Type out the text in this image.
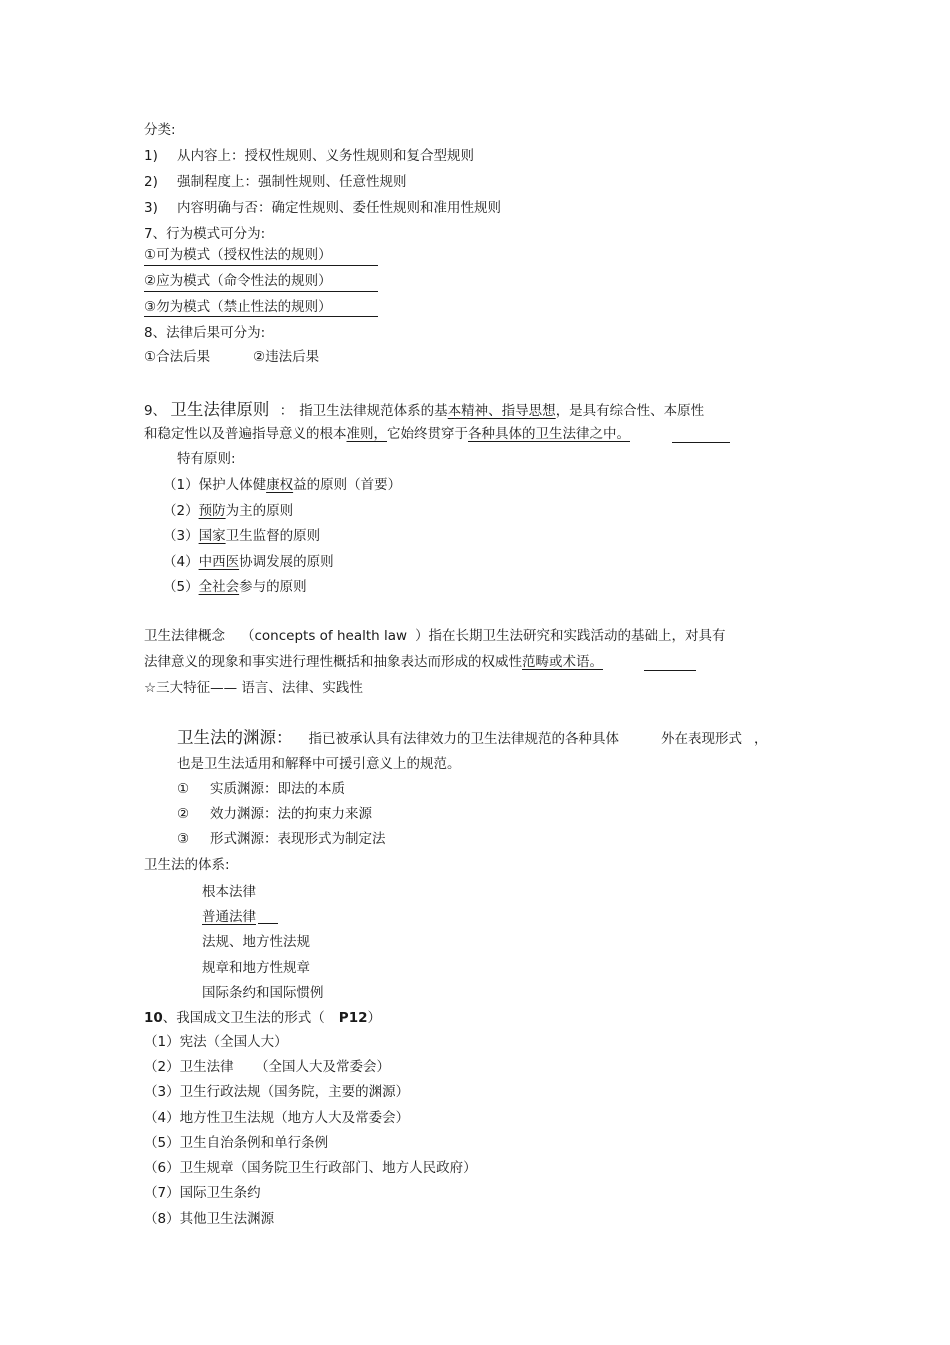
分类:
1) 从内容上：授权性规则、义务性规则和复合型规则
2) 强制程度上：强制性规则、任意性规则
3) 内容明确与否：确定性规则、委任性规则和准用性规则
7、行为模式可分为:
①可为模式（授权性法的规则）
②应为模式（命令性法的规则）
③勿为模式（禁止性法的规则）
8、法律后果可分为:
①合法后果	②违法后果
9、 卫生法律原则 ： 指卫生法律规范体系的基本精神、指导思想，是具有综合性、本原性
和稳定性以及普遍指导意义的根本准则，它始终贯穿于各种具体的卫生法律之中。
特有原则:
（1）保护人体健康权益的原则（首要）
（2）预防为主的原则
（3）国家卫生监督的原则
（4）中西医协调发展的原则
（5）全社会参与的原则
卫生法律概念 （concepts of health law ）指在长期卫生法研究和实践活动的基础上，对具有
法律意义的现象和事实进行理性概括和抽象表达而形成的权威性范畴或术语。
☆三大特征—— 语言、法律、实践性
卫生法的渊源： 指已被承认具有法律效力的卫生法律规范的各种具体	外在表现形式 ，
也是卫生法适用和解释中可援引意义上的规范。
① 实质渊源：即法的本质
② 效力渊源：法的拘束力来源
③ 形式渊源：表现形式为制定法
卫生法的体系:
根本法律
普通法律
法规、地方性法规
规章和地方性规章
国际条约和国际惯例
10、我国成文卫生法的形式（ P12）
（1）宪法（全国人大）
（2）卫生法律     （全国人大及常委会）
（3）卫生行政法规（国务院，主要的渊源）
（4）地方性卫生法规（地方人大及常委会）
（5）卫生自治条例和单行条例
（6）卫生规章（国务院卫生行政部门、地方人民政府）
（7）国际卫生条约
（8）其他卫生法渊源
